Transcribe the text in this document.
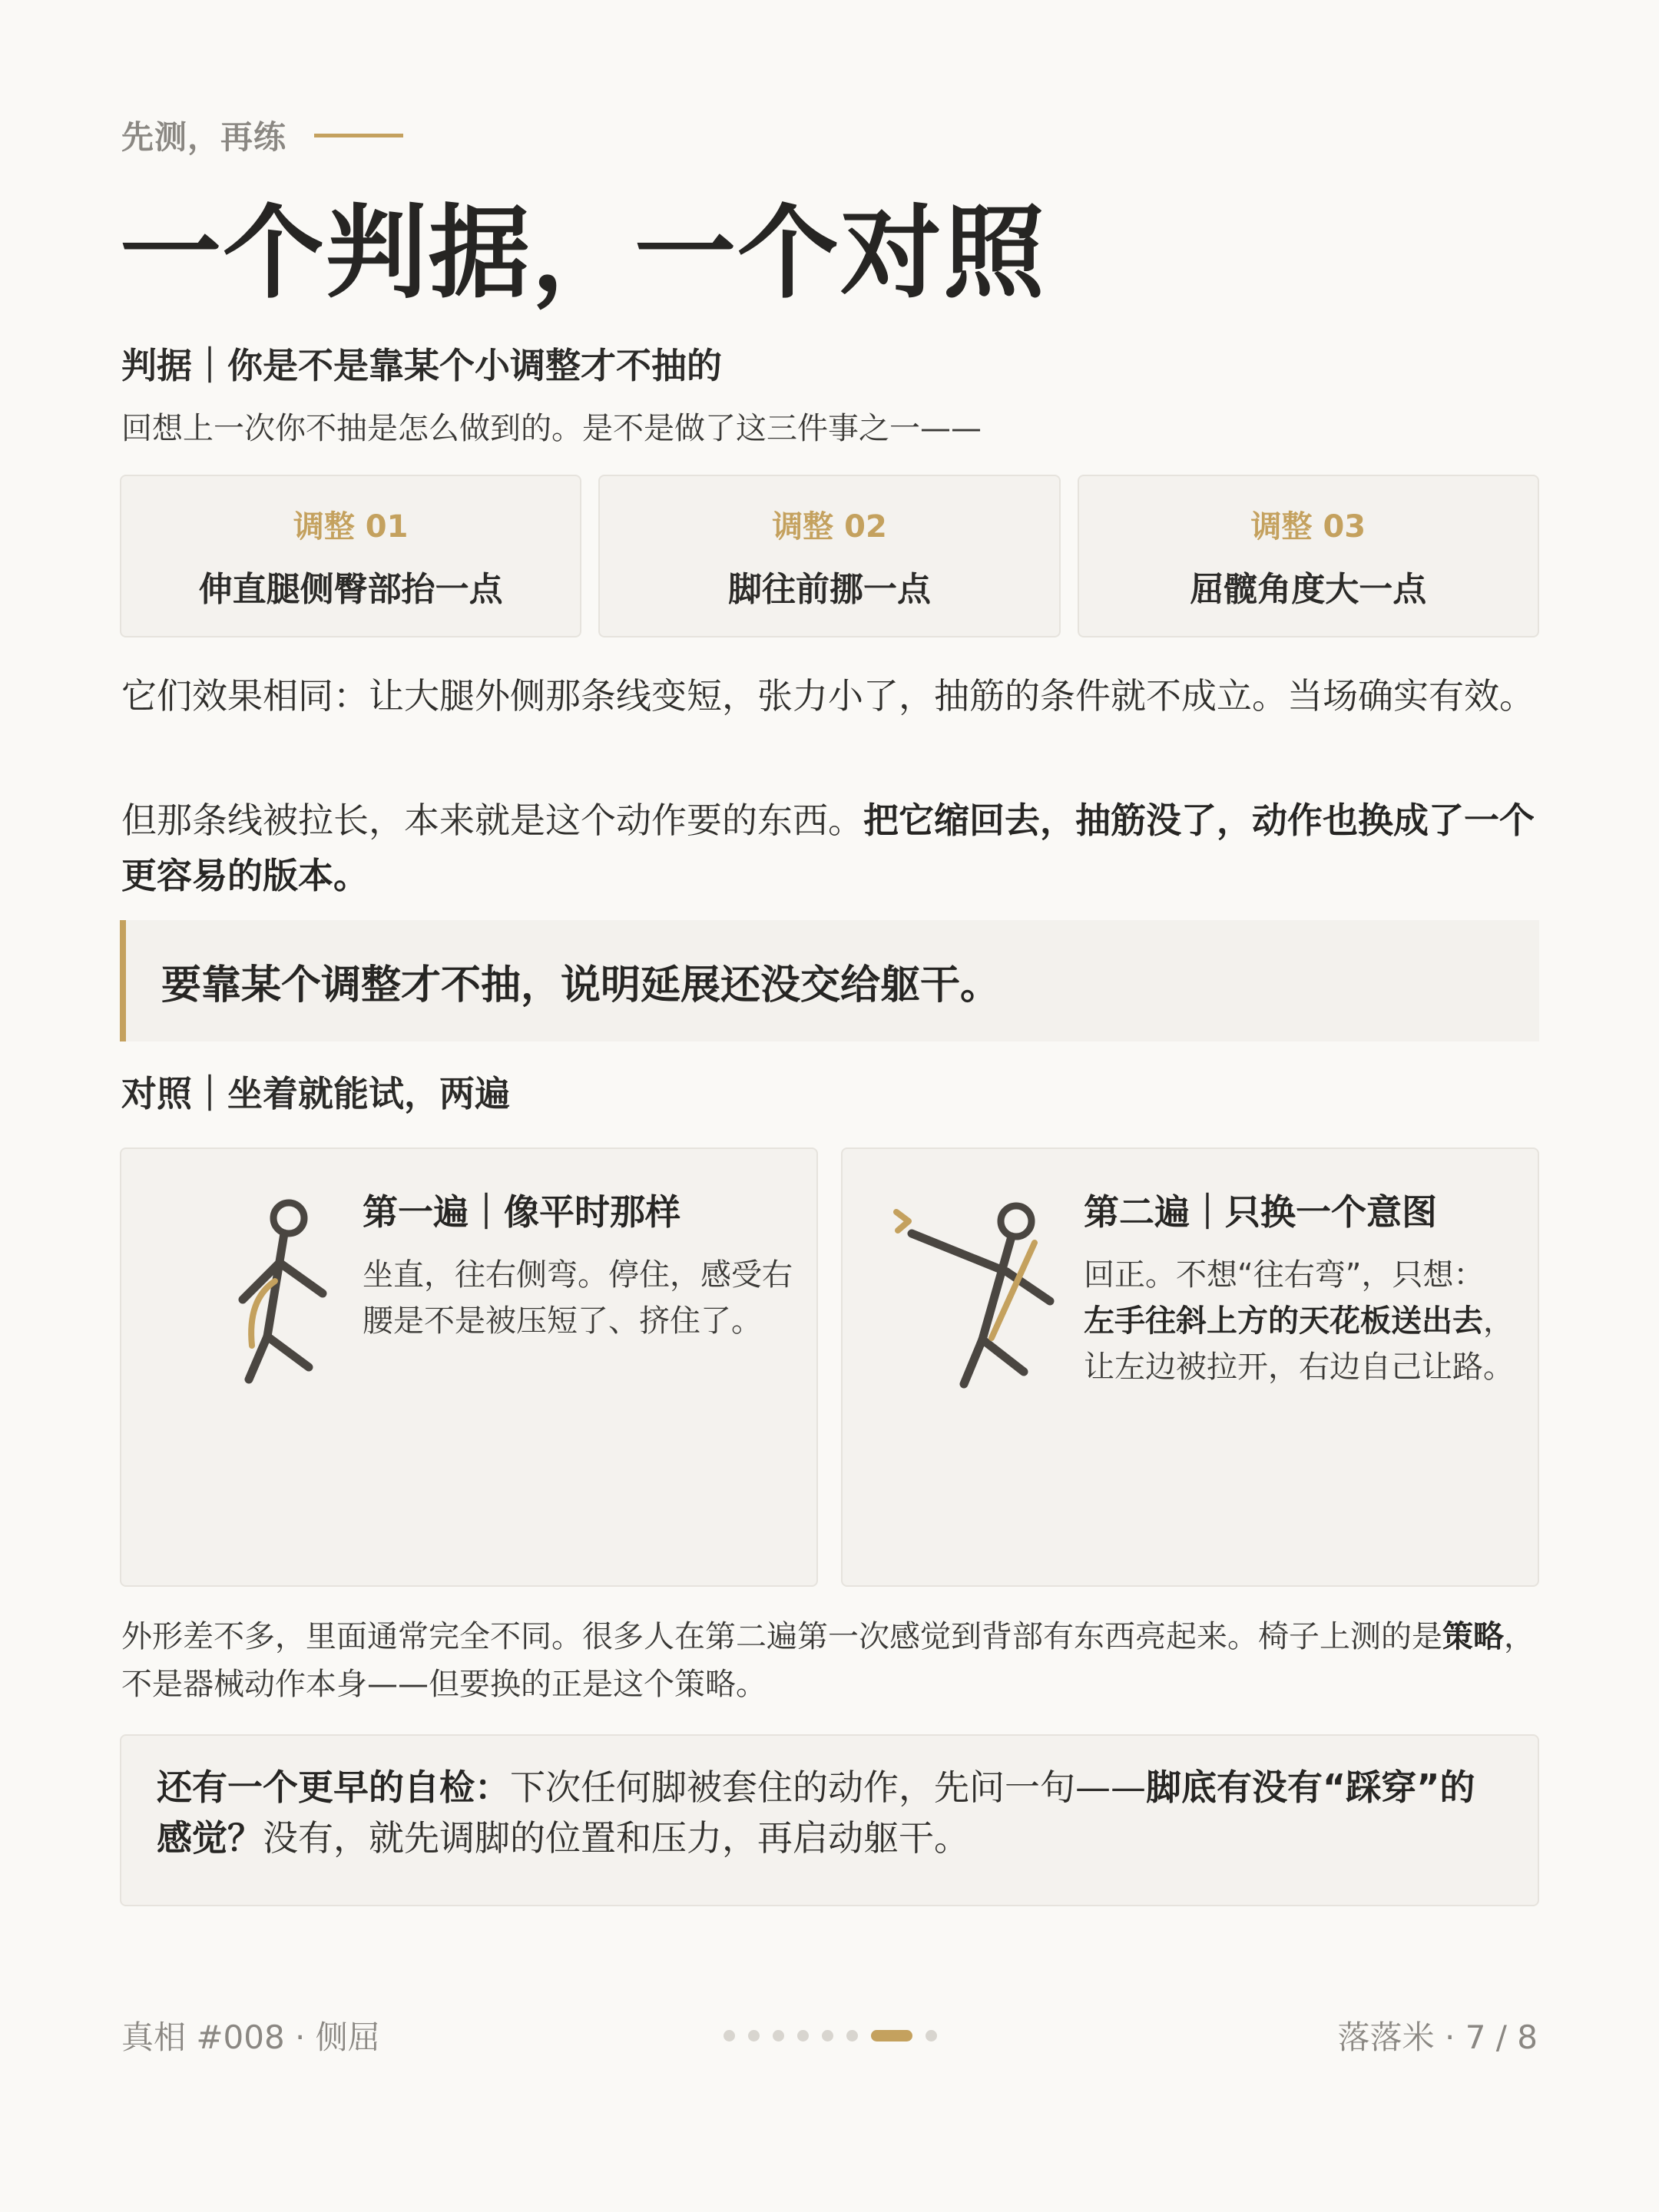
先测，再练
一个判据，一个对照
判据｜你是不是靠某个小调整才不抽的
回想上一次你不抽是怎么做到的。是不是做了这三件事之一——
调整 01
伸直腿侧臀部抬一点
调整 02
脚往前挪一点
调整 03
屈髋角度大一点

它们效果相同：让大腿外侧那条线变短，张力小了，抽筋的条件就不成立。当场确实有效。

但那条线被拉长，本来就是这个动作要的东西。把它缩回去，抽筋没了，动作也换成了一个更容易的版本。

要靠某个调整才不抽，说明延展还没交给躯干。
对照｜坐着就能试，两遍
第一遍｜像平时那样
坐直，往右侧弯。停住，感受右腰是不是被压短了、挤住了。
第二遍｜只换一个意图
回正。不想“往右弯”，只想：左手往斜上方的天花板送出去，让左边被拉开，右边自己让路。

外形差不多，里面通常完全不同。很多人在第二遍第一次感觉到背部有东西亮起来。椅子上测的是策略，不是器械动作本身——但要换的正是这个策略。

还有一个更早的自检：下次任何脚被套住的动作，先问一句——脚底有没有“踩穿”的感觉？没有，就先调脚的位置和压力，再启动躯干。
真相 #008 · 侧屈	落落米 · 7 / 8
